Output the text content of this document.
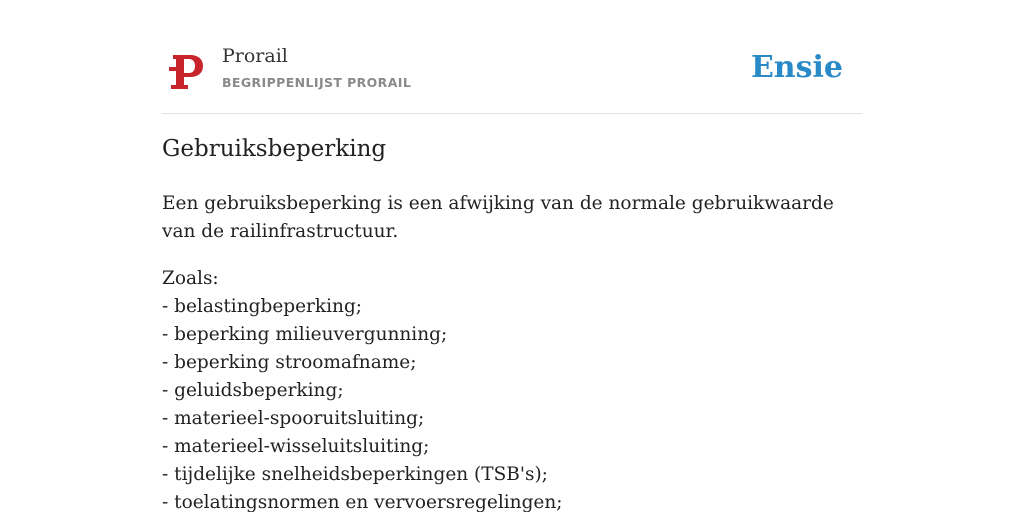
Prorail
BEGRIPPENLIJST PRORAIL	Ensie
Gebruiksbeperking

Een gebruiksbeperking is een afwijking van de normale gebruikwaarde van de railinfrastructuur.

Zoals:
- belastingbeperking;
- beperking milieuvergunning;
- beperking stroomafname;
- geluidsbeperking;
- materieel-spooruitsluiting;
- materieel-wisseluitsluiting;
- tijdelijke snelheidsbeperkingen (TSB's);
- toelatingsnormen en vervoersregelingen;
